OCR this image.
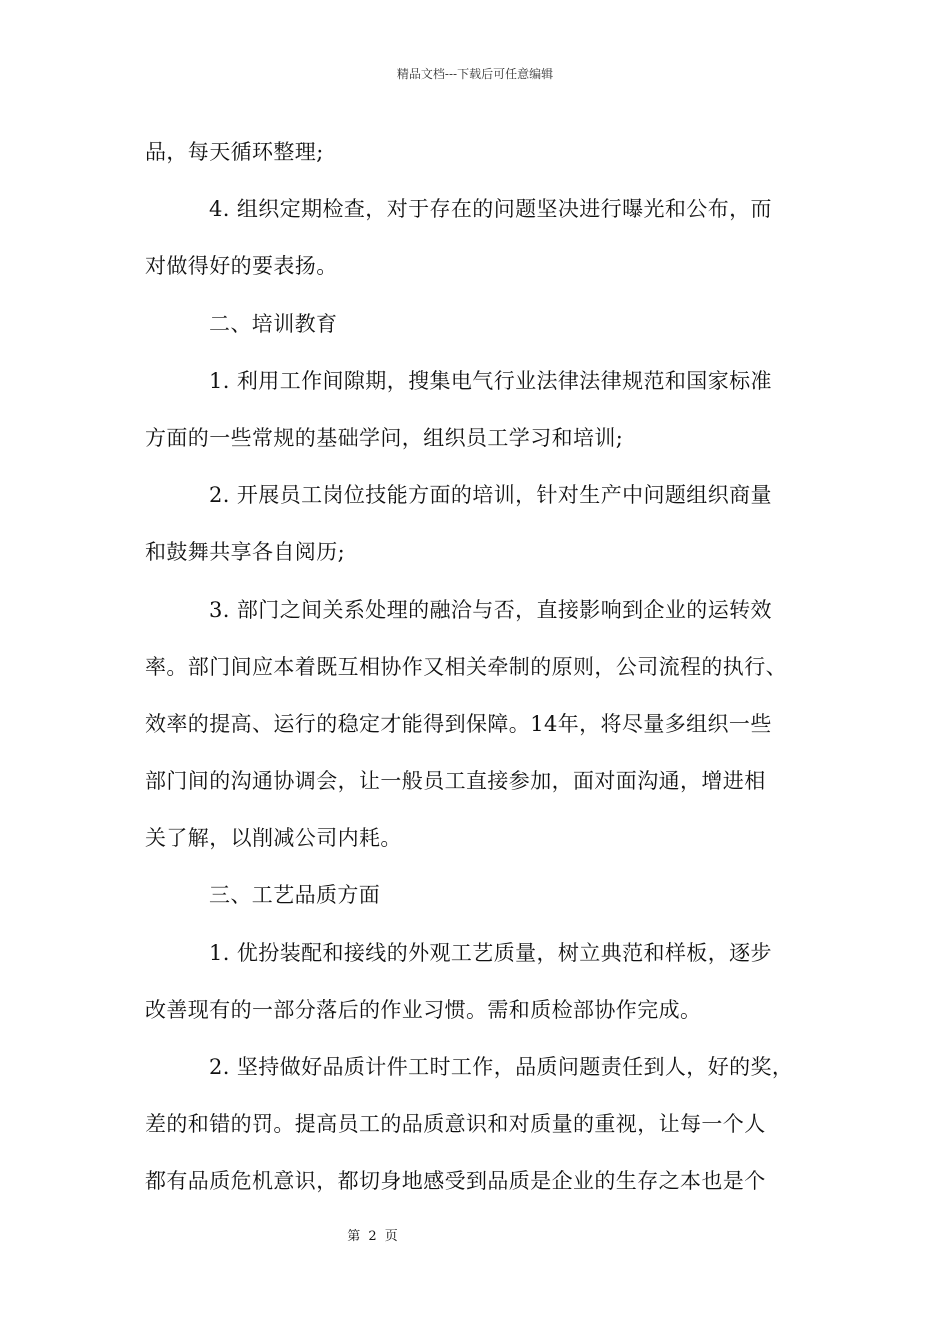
精品文档---下载后可任意编辑
品，每天循环整理;
4. 组织定期检查，对于存在的问题坚决进行曝光和公布，而
对做得好的要表扬。
二、培训教育
1. 利用工作间隙期，搜集电气行业法律法律规范和国家标准
方面的一些常规的基础学问，组织员工学习和培训;
2. 开展员工岗位技能方面的培训，针对生产中问题组织商量
和鼓舞共享各自阅历;
3. 部门之间关系处理的融洽与否，直接影响到企业的运转效
率。部门间应本着既互相协作又相关牵制的原则，公司流程的执行、
效率的提高、运行的稳定才能得到保障。14年，将尽量多组织一些
部门间的沟通协调会，让一般员工直接参加，面对面沟通，增进相
关了解，以削减公司内耗。
三、工艺品质方面
1. 优扮装配和接线的外观工艺质量，树立典范和样板，逐步
改善现有的一部分落后的作业习惯。需和质检部协作完成。
2. 坚持做好品质计件工时工作，品质问题责任到人，好的奖，
差的和错的罚。提高员工的品质意识和对质量的重视，让每一个人
都有品质危机意识，都切身地感受到品质是企业的生存之本也是个
第 2 页
